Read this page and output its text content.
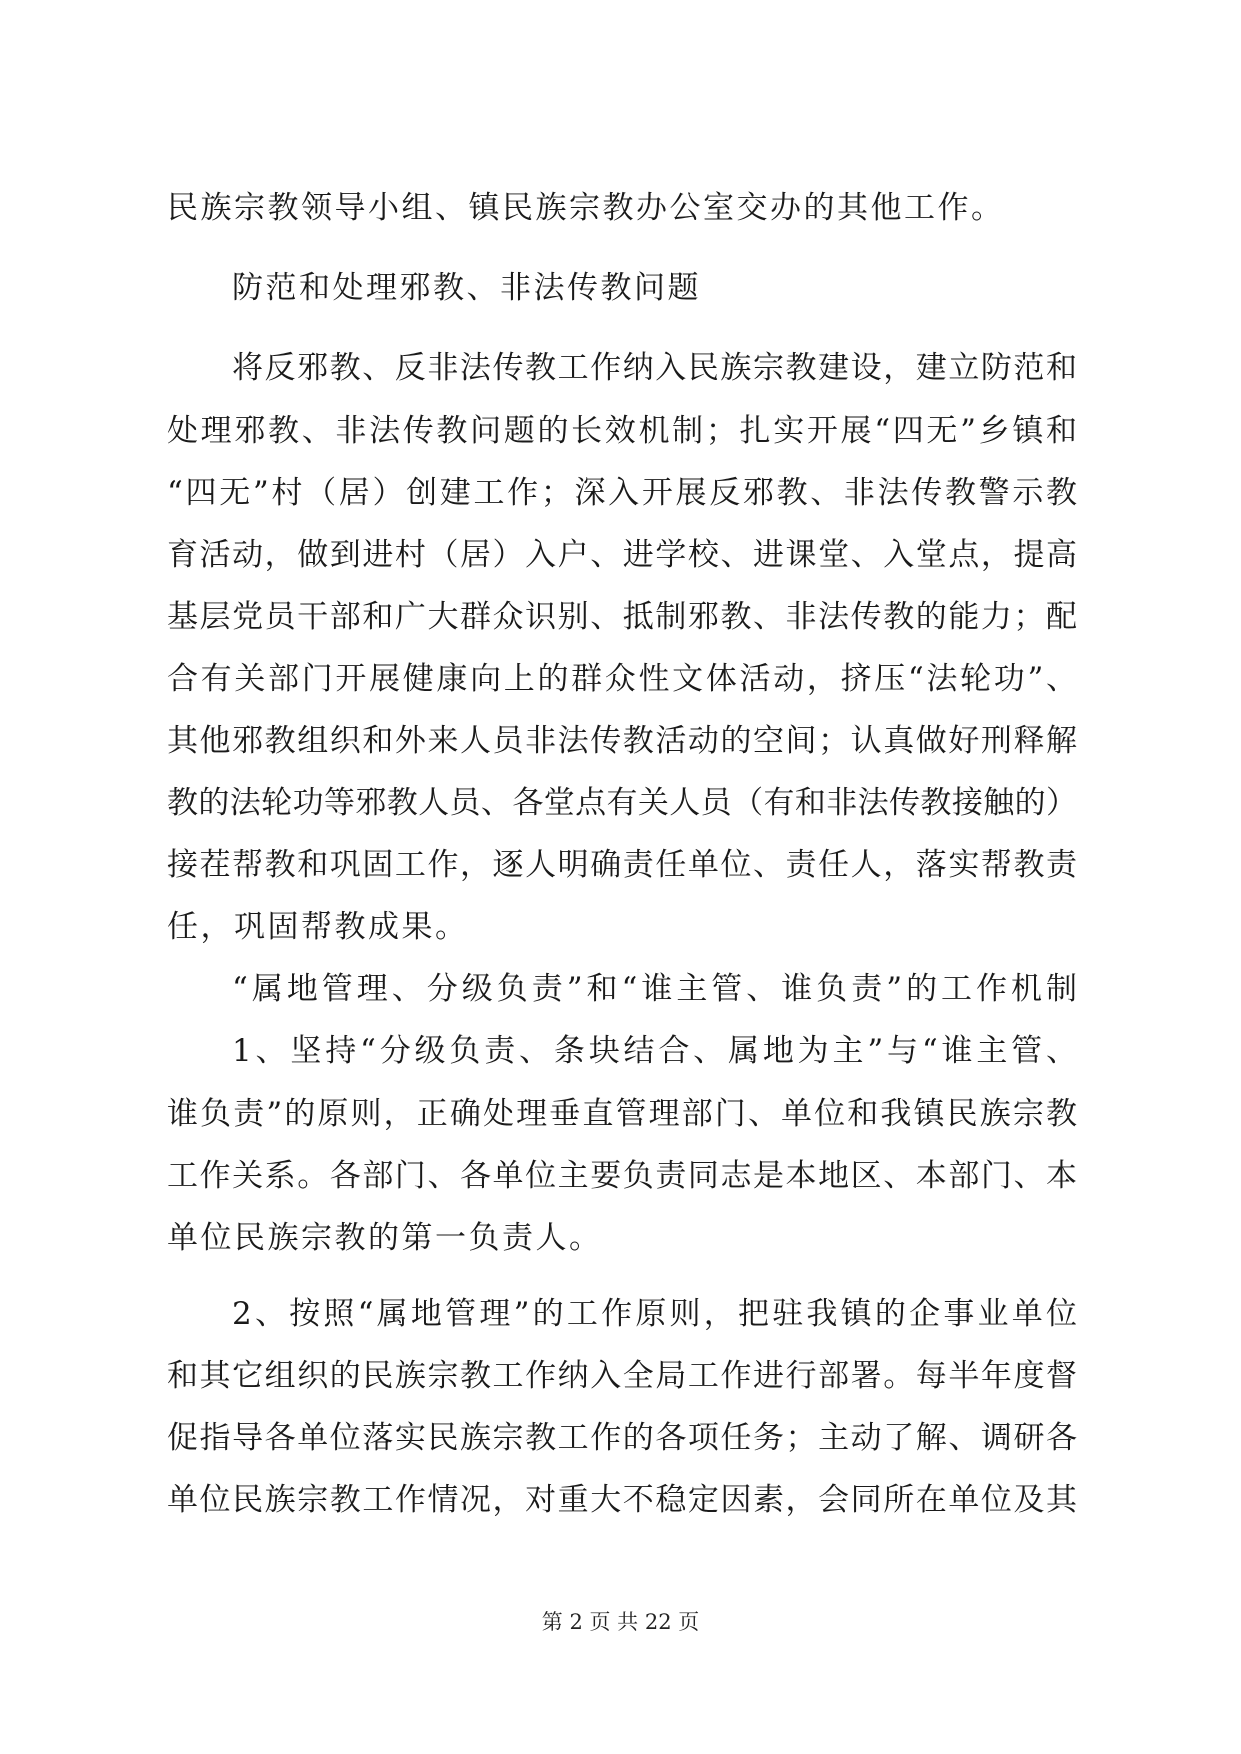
民族宗教领导小组、镇民族宗教办公室交办的其他工作。
防范和处理邪教、非法传教问题
将反邪教、反非法传教工作纳入民族宗教建设，建立防范和
处理邪教、非法传教问题的长效机制；扎实开展“四无”乡镇和
“四无”村（居）创建工作；深入开展反邪教、非法传教警示教
育活动，做到进村（居）入户、进学校、进课堂、入堂点，提高
基层党员干部和广大群众识别、抵制邪教、非法传教的能力；配
合有关部门开展健康向上的群众性文体活动，挤压“法轮功”、
其他邪教组织和外来人员非法传教活动的空间；认真做好刑释解
教的法轮功等邪教人员、各堂点有关人员（有和非法传教接触的）
接茬帮教和巩固工作，逐人明确责任单位、责任人，落实帮教责
任，巩固帮教成果。
“属地管理、分级负责”和“谁主管、谁负责”的工作机制
1、坚持“分级负责、条块结合、属地为主”与“谁主管、
谁负责”的原则，正确处理垂直管理部门、单位和我镇民族宗教
工作关系。各部门、各单位主要负责同志是本地区、本部门、本
单位民族宗教的第一负责人。
2、按照“属地管理”的工作原则，把驻我镇的企事业单位
和其它组织的民族宗教工作纳入全局工作进行部署。每半年度督
促指导各单位落实民族宗教工作的各项任务；主动了解、调研各
单位民族宗教工作情况，对重大不稳定因素，会同所在单位及其
第 2 页 共 22 页
